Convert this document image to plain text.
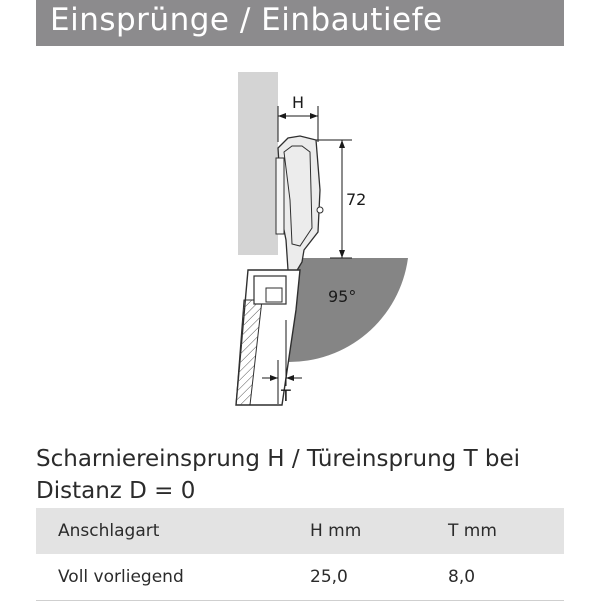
Einsprünge / Einbautiefe
95°
H
72
T
Scharniereinsprung H / Türeinsprung T bei
Distanz D = 0
Anschlagart	H mm	T mm
Voll vorliegend	25,0	8,0
